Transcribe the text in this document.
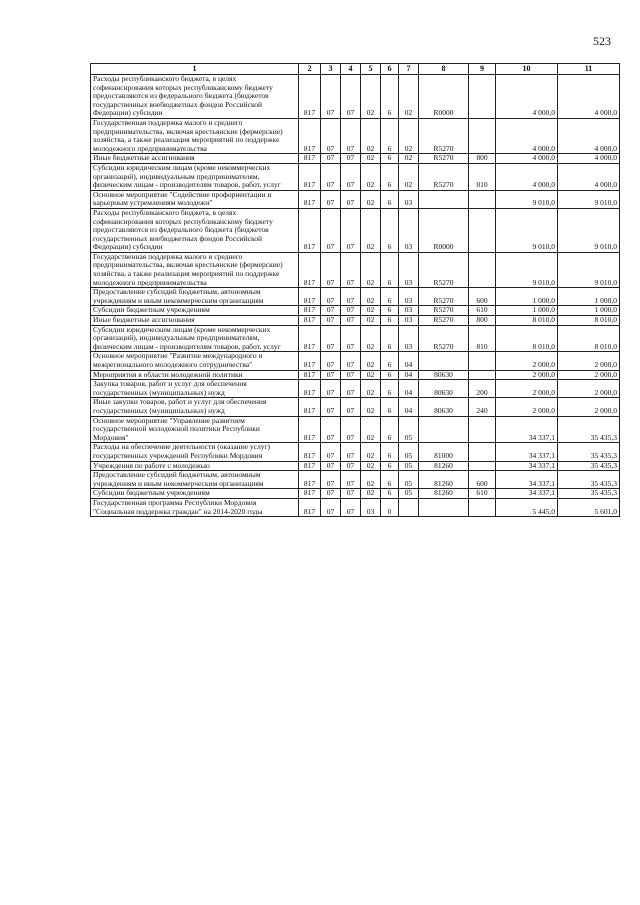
523
1	2	3	4	5	6	7	8	9	10	11
Расходы республиканского бюджета, в целях софинансирования которых республиканскому бюджету предоставляются из федерального бюджета (бюджетов государственных внебюджетных фондов Российской Федерации) субсидии	817	07	07	02	6	02	R0000		4 000,0	4 000,0
Государственная поддержка малого и среднего предпринимательства, включая крестьянские (фермерские) хозяйства, а также реализация мероприятий по поддержке молодежного предпринимательства	817	07	07	02	6	02	R5270		4 000,0	4 000,0
Иные бюджетные ассигнования	817	07	07	02	6	02	R5270	800	4 000,0	4 000,0
Субсидии юридическим лицам (кроме некоммерческих организаций), индивидуальным предпринимателям, физическим лицам - производителям товаров, работ, услуг	817	07	07	02	6	02	R5270	810	4 000,0	4 000,0
Основное мероприятие "Содействие профориентации и карьерным устремлениям молодежи"	817	07	07	02	6	03			9 010,0	9 010,0
Расходы республиканского бюджета, в целях софинансирования которых республиканскому бюджету предоставляются из федерального бюджета (бюджетов государственных внебюджетных фондов Российской Федерации) субсидии	817	07	07	02	6	03	R0000		9 010,0	9 010,0
Государственная поддержка малого и среднего предпринимательства, включая крестьянские (фермерские) хозяйства, а также реализация мероприятий по поддержке молодежного предпринимательства	817	07	07	02	6	03	R5270		9 010,0	9 010,0
Предоставление субсидий бюджетным, автономным учреждениям и иным некоммерческим организациям	817	07	07	02	6	03	R5270	600	1 000,0	1 000,0
Субсидии бюджетным учреждениям	817	07	07	02	6	03	R5270	610	1 000,0	1 000,0
Иные бюджетные ассигнования	817	07	07	02	6	03	R5270	800	8 010,0	8 010,0
Субсидии юридическим лицам (кроме некоммерческих организаций), индивидуальным предпринимателям, физическим лицам - производителям товаров, работ, услуг	817	07	07	02	6	03	R5270	810	8 010,0	8 010,0
Основное мероприятие "Развитие международного и межрегионального молодежного сотрудничества"	817	07	07	02	6	04			2 000,0	2 000,0
Мероприятия в области молодежной политики	817	07	07	02	6	04	80630		2 000,0	2 000,0
Закупка товаров, работ и услуг для обеспечения государственных (муниципальных) нужд	817	07	07	02	6	04	80630	200	2 000,0	2 000,0
Иные закупки товаров, работ и услуг для обеспечения государственных (муниципальных) нужд	817	07	07	02	6	04	80630	240	2 000,0	2 000,0
Основное мероприятие "Управление развитием государственной молодежной политики Республики Мордовия"	817	07	07	02	6	05			34 337,1	35 435,3
Расходы на обеспечение деятельности (оказание услуг) государственных учреждений Республики Мордовия	817	07	07	02	6	05	81000		34 337,1	35 435,3
Учреждения по работе с молодежью	817	07	07	02	6	05	81260		34 337,1	35 435,3
Предоставление субсидий бюджетным, автономным учреждениям и иным некоммерческим организациям	817	07	07	02	6	05	81260	600	34 337,1	35 435,3
Субсидии бюджетным учреждениям	817	07	07	02	6	05	81260	610	34 337,1	35 435,3
Государственная программа Республики Мордовия "Социальная поддержка граждан" на 2014-2020 годы	817	07	07	03	0				5 445,0	5 601,0
